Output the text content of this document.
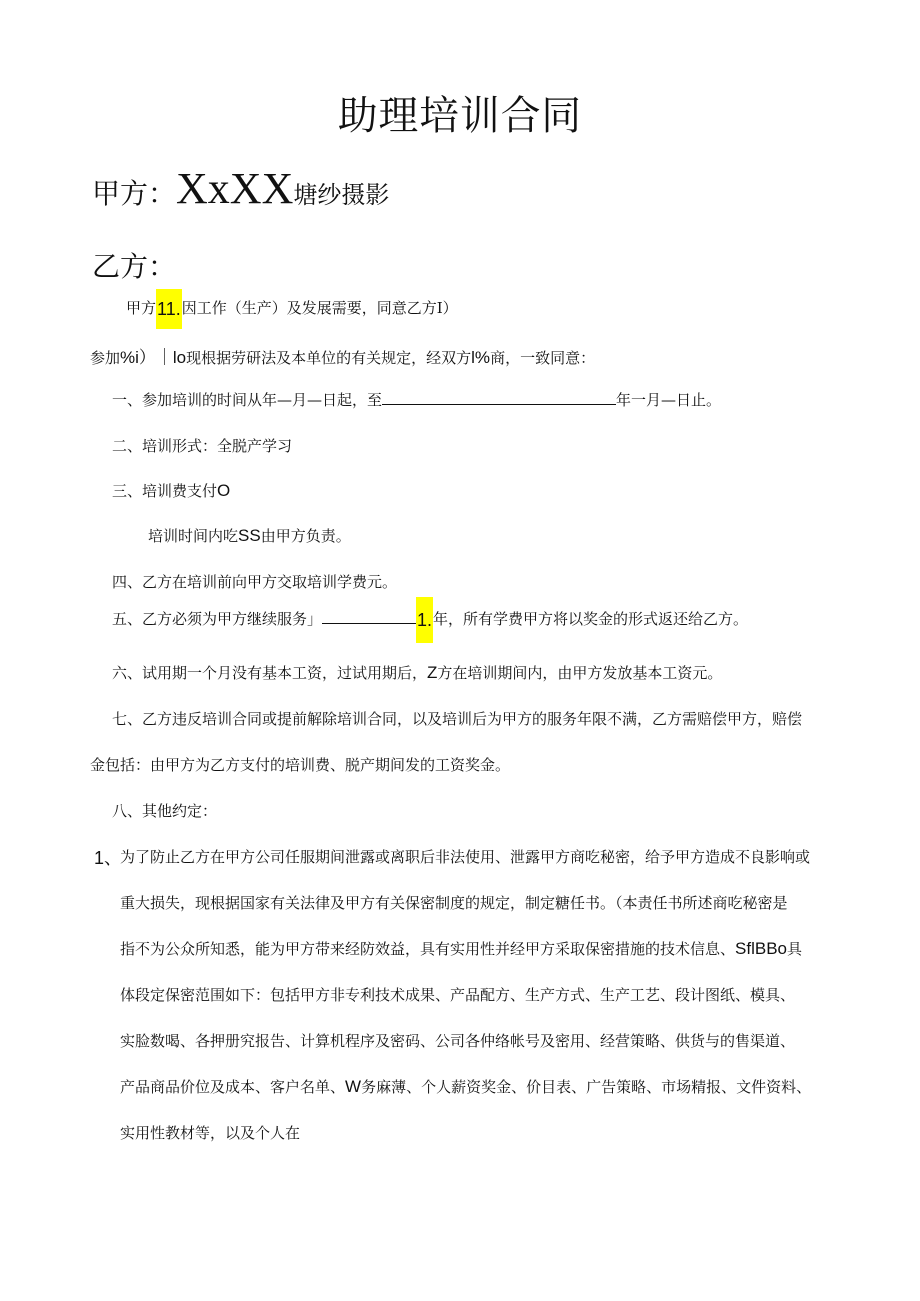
助理培训合同
甲方：XxXX塘纱摄影
乙方：
甲方11.因工作（生产）及发展需要，同意乙方I）
参加%i）｜lo现根据劳研法及本单位的有关规定，经双方l%商，一致同意：
一、参加培训的时间从年—月—日起，至	年一月—日止。
二、培训形式：全脱产学习
三、培训费支付O
培训时间内吃SS由甲方负责。
四、乙方在培训前向甲方交取培训学费元。
五、乙方必须为甲方继续服务」	1.年，所有学费甲方将以奖金的形式返还给乙方。
六、试用期一个月没有基本工资，过试用期后，Z方在培训期间内，由甲方发放基本工资元。
七、乙方违反培训合同或提前解除培训合同，以及培训后为甲方的服务年限不满，乙方需赔偿甲方，赔偿
金包括：由甲方为乙方支付的培训费、脱产期间发的工资奖金。
八、其他约定：
1、
为了防止乙方在甲方公司任服期间泄露或离职后非法使用、泄露甲方商吃秘密，给予甲方造成不良影响或
重大损失，现根据国家有关法律及甲方有关保密制度的规定，制定糖任书。（本责任书所述商吃秘密是
指不为公众所知悉，能为甲方带来经防效益，具有实用性并经甲方采取保密措施的技术信息、SflBBo具
体段定保密范围如下：包括甲方非专利技术成果、产品配方、生产方式、生产工艺、段计图纸、模具、
实脸数喝、各押册究报告、计算机程序及密码、公司各仲络帐号及密用、经营策略、供货与的售渠道、
产品商品价位及成本、客户名单、W务麻薄、个人薪资奖金、价目表、广告策略、市场精报、文件资料、
实用性教材等，以及个人在
